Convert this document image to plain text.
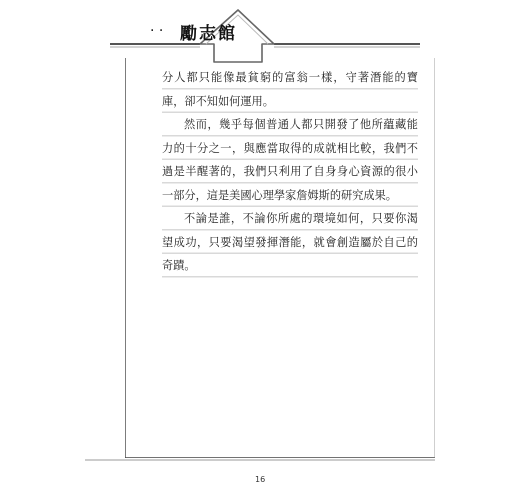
· · 勵志館

分人都只能像最貧窮的富翁一樣，守著潛能的寶庫，卻不知如何運用。

然而，幾乎每個普通人都只開發了他所蘊藏能力的十分之一，與應當取得的成就相比較，我們不過是半醒著的，我們只利用了自身身心資源的很小一部分，這是美國心理學家詹姆斯的研究成果。

不論是誰，不論你所處的環境如何，只要你渴望成功，只要渴望發揮潛能，就會創造屬於自己的奇蹟。

16
